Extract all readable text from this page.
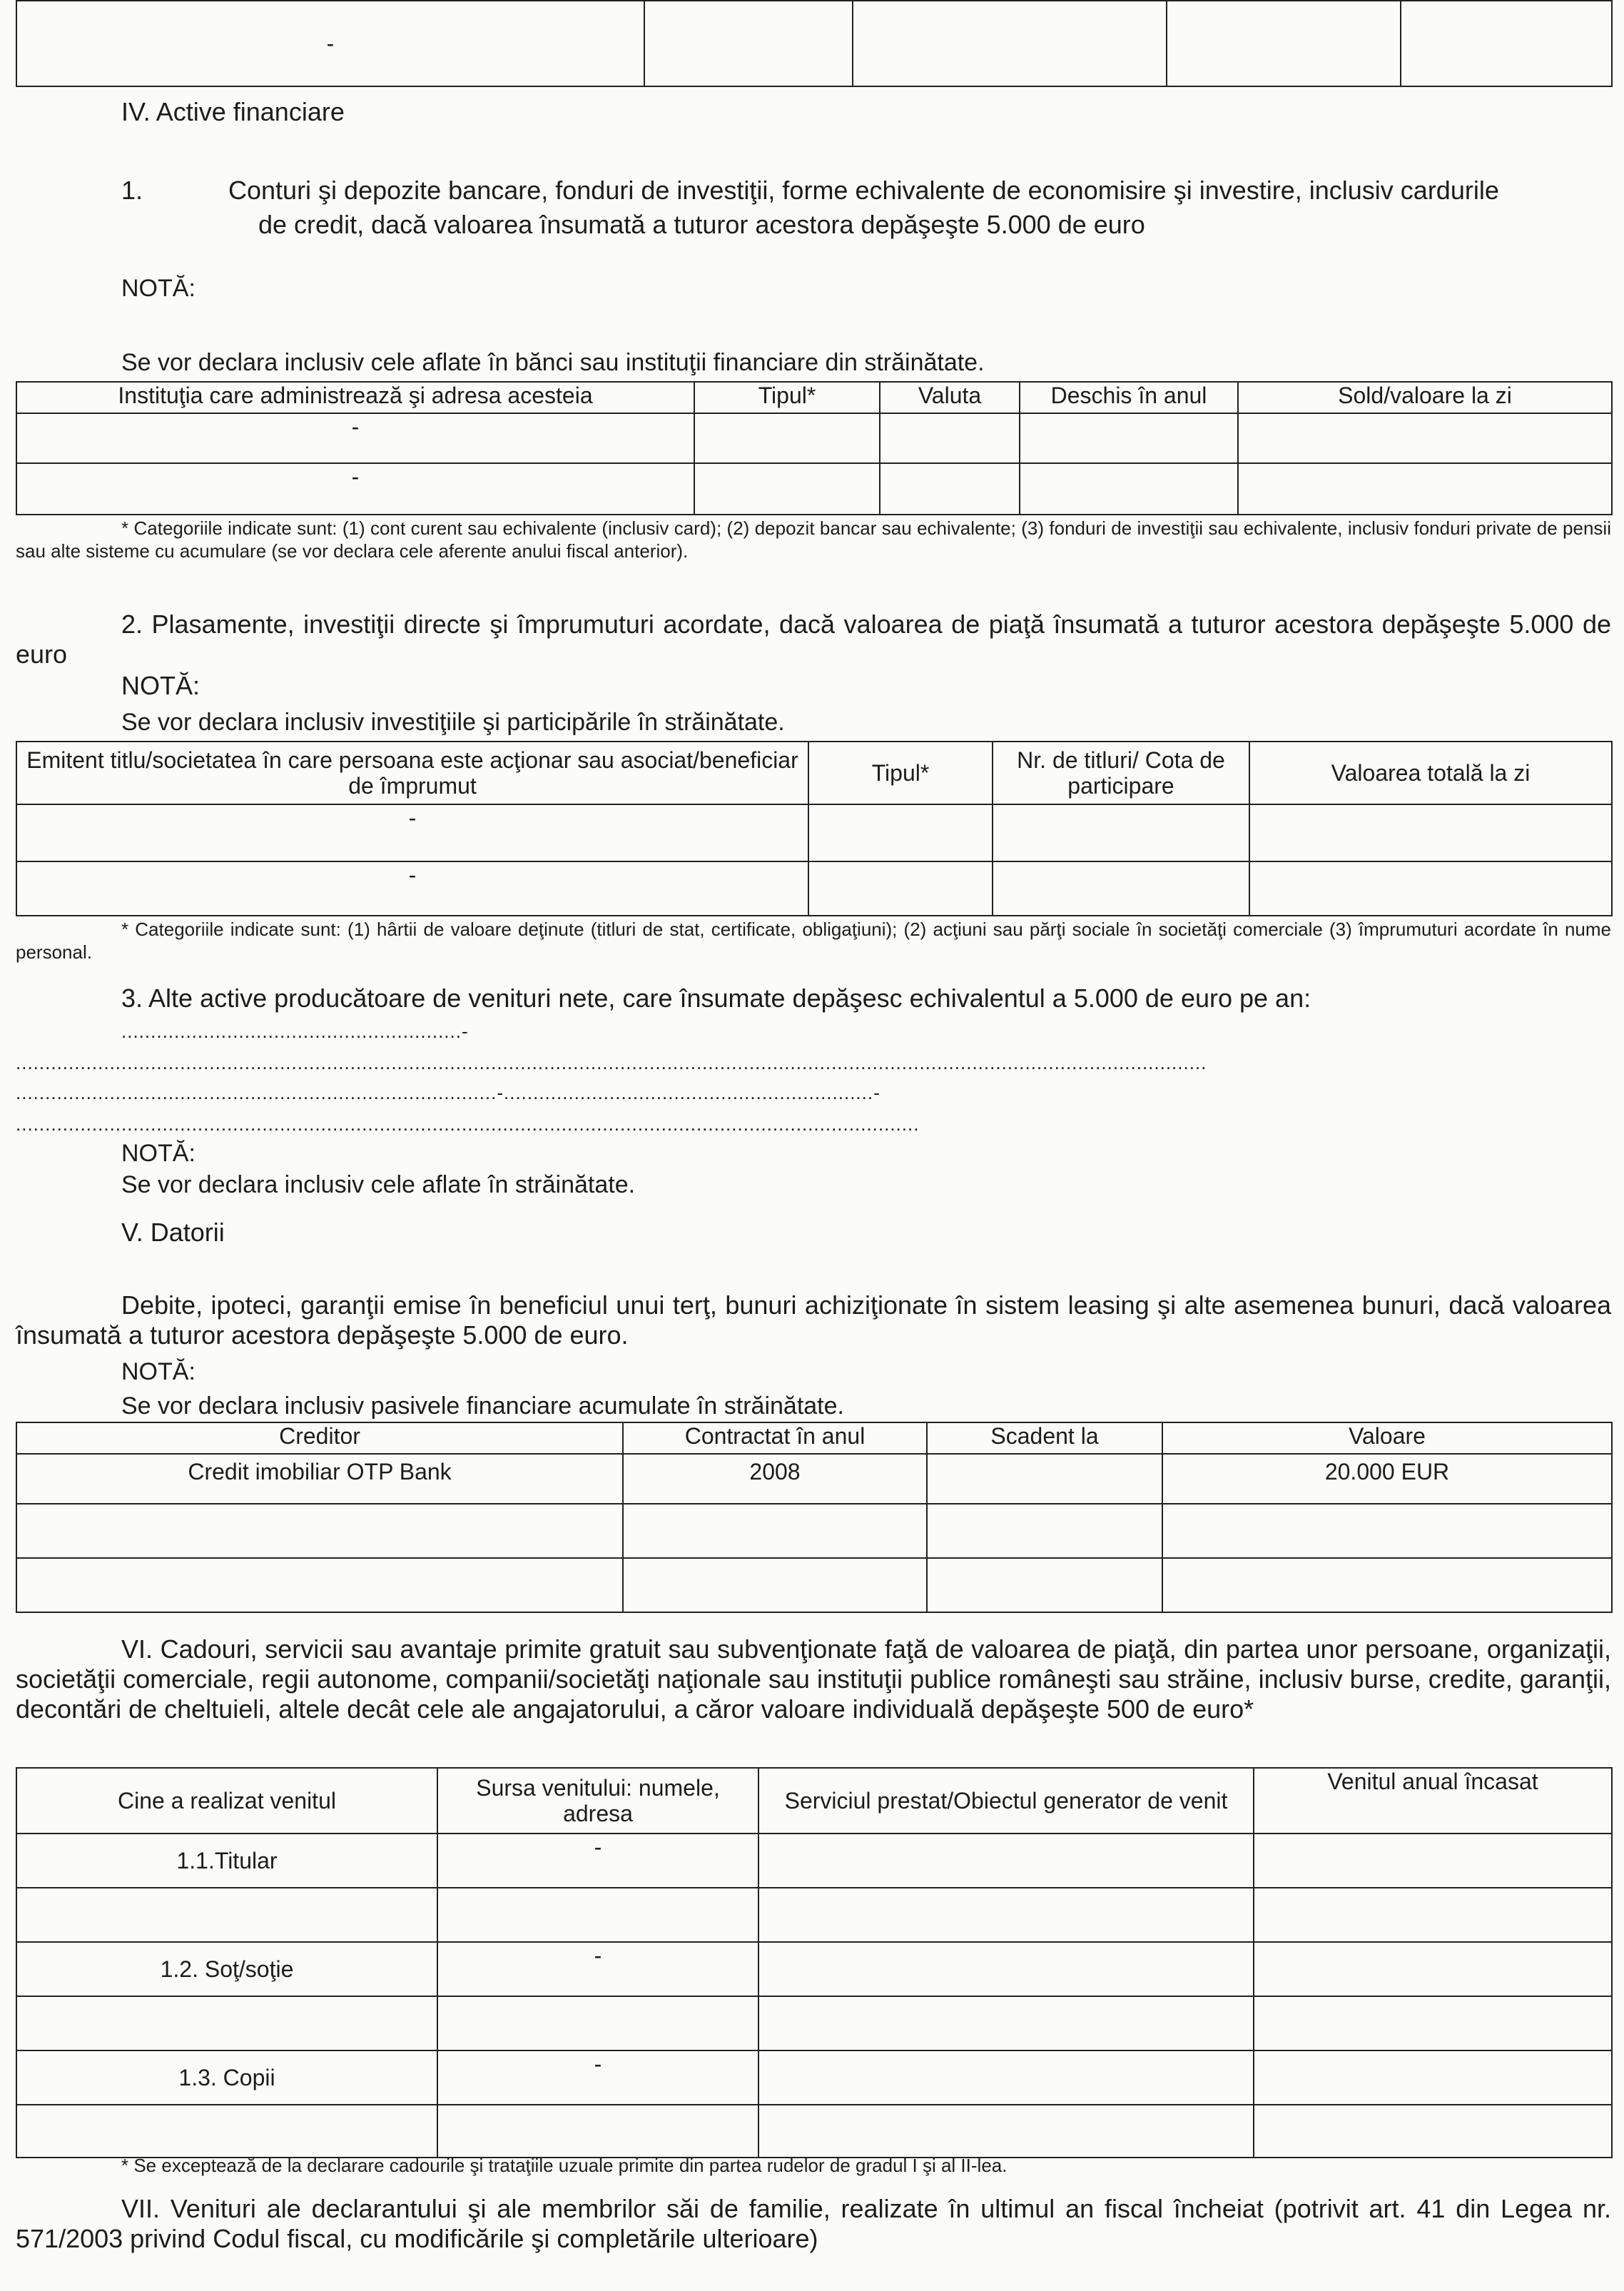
-				
IV. Active financiare
1.	Conturi şi depozite bancare, fonduri de investiţii, forme echivalente de economisire şi investire, inclusiv cardurile
de credit, dacă valoarea însumată a tuturor acestora depăşeşte 5.000 de euro
NOTĂ:
Se vor declara inclusiv cele aflate în bănci sau instituţii financiare din străinătate.
Instituţia care administrează şi adresa acesteia	Tipul*	Valuta	Deschis în anul	Sold/valoare la zi
-				
-				
* Categoriile indicate sunt: (1) cont curent sau echivalente (inclusiv card); (2) depozit bancar sau echivalente; (3) fonduri de investiţii sau echivalente, inclusiv fonduri private de pensii sau alte sisteme cu acumulare (se vor declara cele aferente anului fiscal anterior).
2. Plasamente, investiţii directe şi împrumuturi acordate, dacă valoarea de piaţă însumată a tuturor acestora depăşeşte 5.000 de euro
NOTĂ:
Se vor declara inclusiv investiţiile şi participările în străinătate.
Emitent titlu/societatea în care persoana este acţionar sau asociat/beneficiar de împrumut	Tipul*	Nr. de titluri/ Cota de participare	Valoarea totală la zi
-			
-			
* Categoriile indicate sunt: (1) hârtii de valoare deţinute (titluri de stat, certificate, obligaţiuni); (2) acţiuni sau părţi sociale în societăţi comerciale (3) împrumuturi acordate în nume personal.
3. Alte active producătoare de venituri nete, care însumate depăşesc echivalentul a 5.000 de euro pe an:
..........................................................-
...........................................................................................................................................................................................................
..................................................................................-...............................................................-
..........................................................................................................................................................
NOTĂ:
Se vor declara inclusiv cele aflate în străinătate.
V. Datorii
Debite, ipoteci, garanţii emise în beneficiul unui terţ, bunuri achiziţionate în sistem leasing şi alte asemenea bunuri, dacă valoarea însumată a tuturor acestora depăşeşte 5.000 de euro.
NOTĂ:
Se vor declara inclusiv pasivele financiare acumulate în străinătate.
Creditor	Contractat în anul	Scadent la	Valoare
Credit imobiliar OTP Bank	2008		20.000 EUR

VI. Cadouri, servicii sau avantaje primite gratuit sau subvenţionate faţă de valoarea de piaţă, din partea unor persoane, organizaţii, societăţii comerciale, regii autonome, companii/societăţi naţionale sau instituţii publice româneşti sau străine, inclusiv burse, credite, garanţii, decontări de cheltuieli, altele decât cele ale angajatorului, a căror valoare individuală depăşeşte 500 de euro*
Cine a realizat venitul	Sursa venitului: numele, adresa	Serviciul prestat/Obiectul generator de venit	Venitul anual încasat
1.1.Titular	-		

1.2. Soţ/soţie	-		

1.3. Copii	-		

* Se exceptează de la declarare cadourile şi trataţiile uzuale primite din partea rudelor de gradul I şi al II-lea.
VII. Venituri ale declarantului şi ale membrilor săi de familie, realizate în ultimul an fiscal încheiat (potrivit art. 41 din Legea nr. 571/2003 privind Codul fiscal, cu modificările şi completările ulterioare)
